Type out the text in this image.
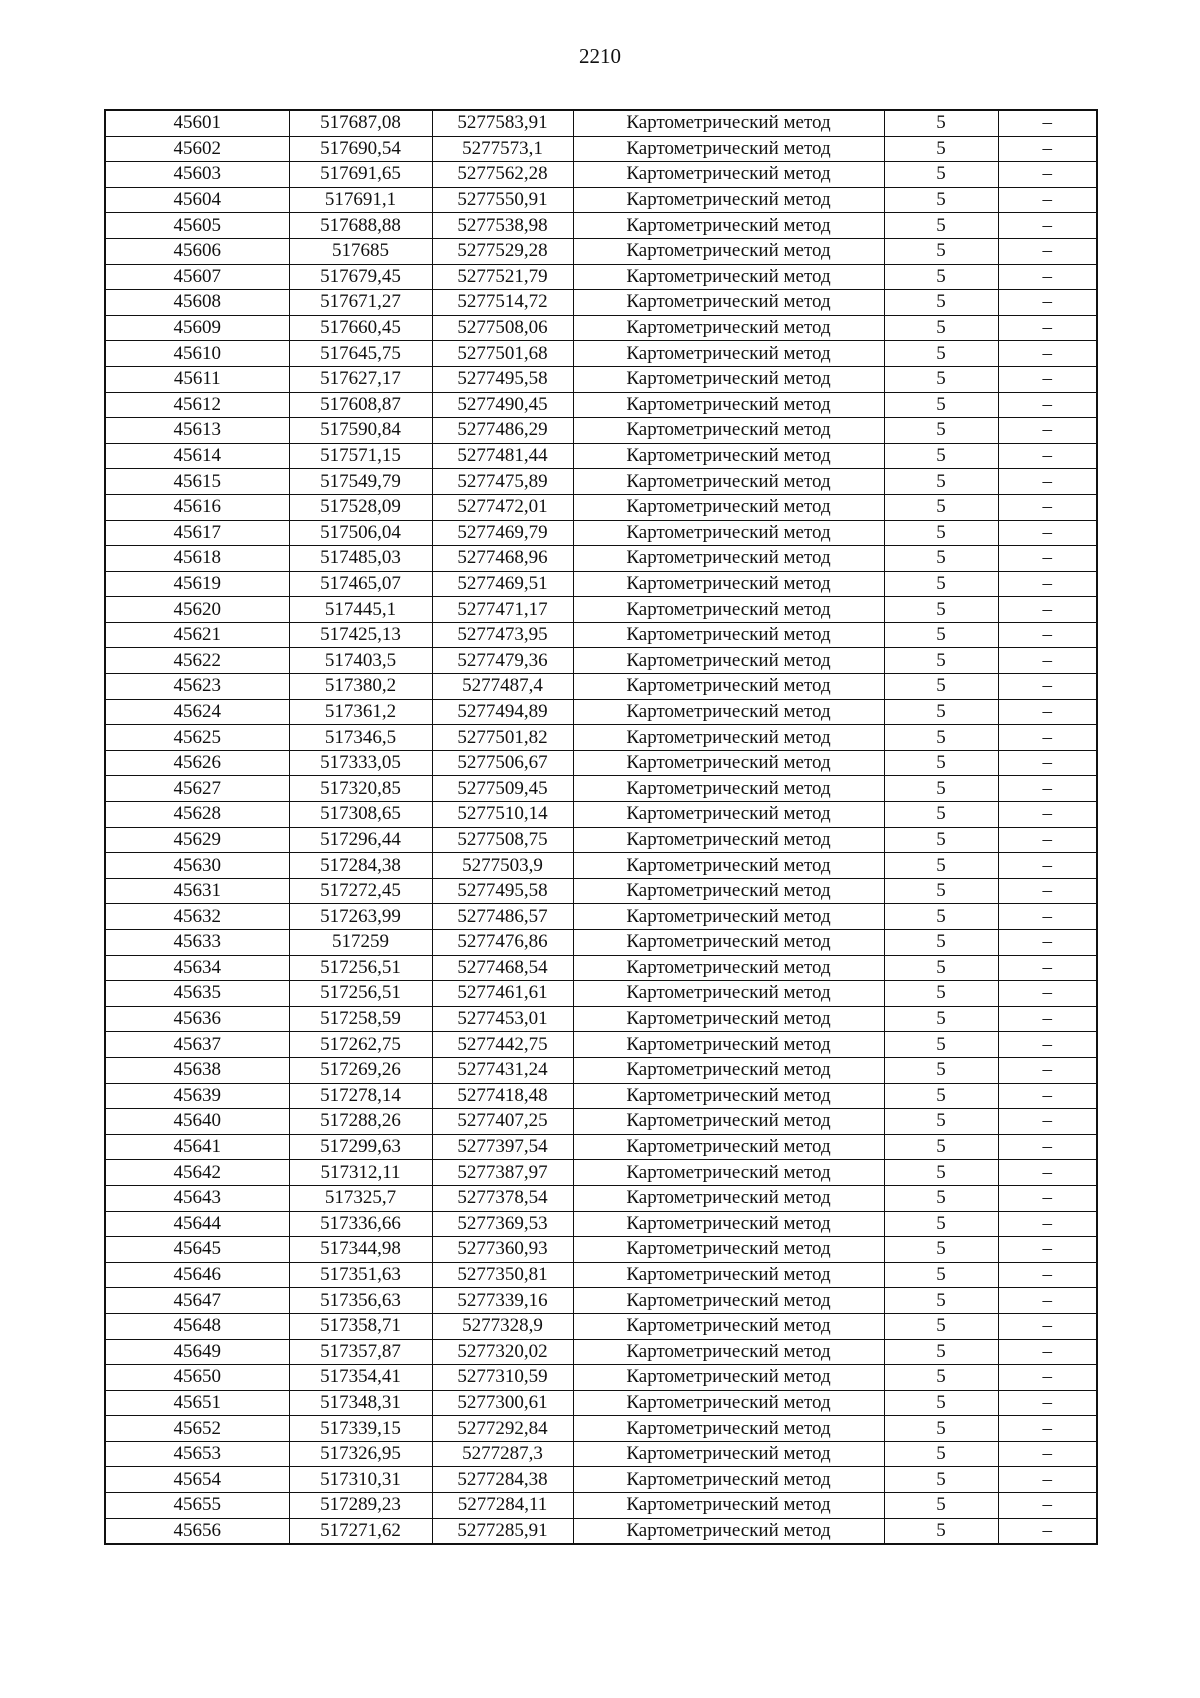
2210
45601	517687,08	5277583,91	Картометрический метод	5	–
45602	517690,54	5277573,1	Картометрический метод	5	–
45603	517691,65	5277562,28	Картометрический метод	5	–
45604	517691,1	5277550,91	Картометрический метод	5	–
45605	517688,88	5277538,98	Картометрический метод	5	–
45606	517685	5277529,28	Картометрический метод	5	–
45607	517679,45	5277521,79	Картометрический метод	5	–
45608	517671,27	5277514,72	Картометрический метод	5	–
45609	517660,45	5277508,06	Картометрический метод	5	–
45610	517645,75	5277501,68	Картометрический метод	5	–
45611	517627,17	5277495,58	Картометрический метод	5	–
45612	517608,87	5277490,45	Картометрический метод	5	–
45613	517590,84	5277486,29	Картометрический метод	5	–
45614	517571,15	5277481,44	Картометрический метод	5	–
45615	517549,79	5277475,89	Картометрический метод	5	–
45616	517528,09	5277472,01	Картометрический метод	5	–
45617	517506,04	5277469,79	Картометрический метод	5	–
45618	517485,03	5277468,96	Картометрический метод	5	–
45619	517465,07	5277469,51	Картометрический метод	5	–
45620	517445,1	5277471,17	Картометрический метод	5	–
45621	517425,13	5277473,95	Картометрический метод	5	–
45622	517403,5	5277479,36	Картометрический метод	5	–
45623	517380,2	5277487,4	Картометрический метод	5	–
45624	517361,2	5277494,89	Картометрический метод	5	–
45625	517346,5	5277501,82	Картометрический метод	5	–
45626	517333,05	5277506,67	Картометрический метод	5	–
45627	517320,85	5277509,45	Картометрический метод	5	–
45628	517308,65	5277510,14	Картометрический метод	5	–
45629	517296,44	5277508,75	Картометрический метод	5	–
45630	517284,38	5277503,9	Картометрический метод	5	–
45631	517272,45	5277495,58	Картометрический метод	5	–
45632	517263,99	5277486,57	Картометрический метод	5	–
45633	517259	5277476,86	Картометрический метод	5	–
45634	517256,51	5277468,54	Картометрический метод	5	–
45635	517256,51	5277461,61	Картометрический метод	5	–
45636	517258,59	5277453,01	Картометрический метод	5	–
45637	517262,75	5277442,75	Картометрический метод	5	–
45638	517269,26	5277431,24	Картометрический метод	5	–
45639	517278,14	5277418,48	Картометрический метод	5	–
45640	517288,26	5277407,25	Картометрический метод	5	–
45641	517299,63	5277397,54	Картометрический метод	5	–
45642	517312,11	5277387,97	Картометрический метод	5	–
45643	517325,7	5277378,54	Картометрический метод	5	–
45644	517336,66	5277369,53	Картометрический метод	5	–
45645	517344,98	5277360,93	Картометрический метод	5	–
45646	517351,63	5277350,81	Картометрический метод	5	–
45647	517356,63	5277339,16	Картометрический метод	5	–
45648	517358,71	5277328,9	Картометрический метод	5	–
45649	517357,87	5277320,02	Картометрический метод	5	–
45650	517354,41	5277310,59	Картометрический метод	5	–
45651	517348,31	5277300,61	Картометрический метод	5	–
45652	517339,15	5277292,84	Картометрический метод	5	–
45653	517326,95	5277287,3	Картометрический метод	5	–
45654	517310,31	5277284,38	Картометрический метод	5	–
45655	517289,23	5277284,11	Картометрический метод	5	–
45656	517271,62	5277285,91	Картометрический метод	5	–
